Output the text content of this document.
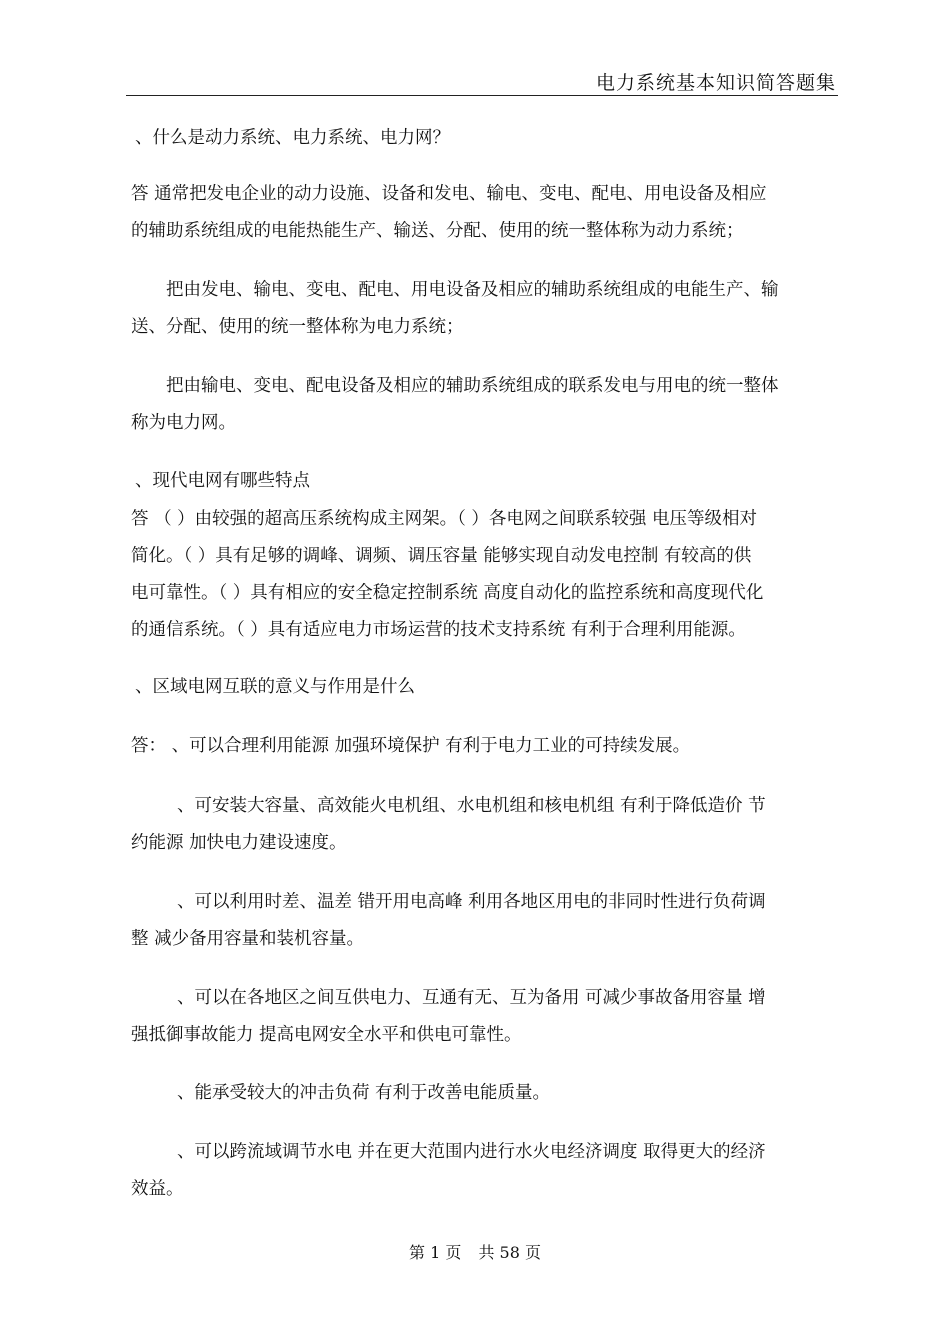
电力系统基本知识简答题集

、什么是动力系统、电力系统、电力网？

答 通常把发电企业的动力设施、设备和发电、输电、变电、配电、用电设备及相应
的辅助系统组成的电能热能生产、输送、分配、使用的统一整体称为动力系统；

把由发电、输电、变电、配电、用电设备及相应的辅助系统组成的电能生产、输
送、分配、使用的统一整体称为电力系统；

把由输电、变电、配电设备及相应的辅助系统组成的联系发电与用电的统一整体
称为电力网。

、现代电网有哪些特点

答 （ ）由较强的超高压系统构成主网架。（ ）各电网之间联系较强 电压等级相对
简化。（ ）具有足够的调峰、调频、调压容量 能够实现自动发电控制 有较高的供
电可靠性。（ ）具有相应的安全稳定控制系统 高度自动化的监控系统和高度现代化
的通信系统。（ ）具有适应电力市场运营的技术支持系统 有利于合理利用能源。

、区域电网互联的意义与作用是什么

答： 、可以合理利用能源 加强环境保护 有利于电力工业的可持续发展。

、可安装大容量、高效能火电机组、水电机组和核电机组 有利于降低造价 节
约能源 加快电力建设速度。

、可以利用时差、温差 错开用电高峰 利用各地区用电的非同时性进行负荷调
整 减少备用容量和装机容量。

、可以在各地区之间互供电力、互通有无、互为备用 可减少事故备用容量 增
强抵御事故能力 提高电网安全水平和供电可靠性。

、能承受较大的冲击负荷 有利于改善电能质量。

、可以跨流域调节水电 并在更大范围内进行水火电经济调度 取得更大的经济
效益。

第 1 页 共 58 页
